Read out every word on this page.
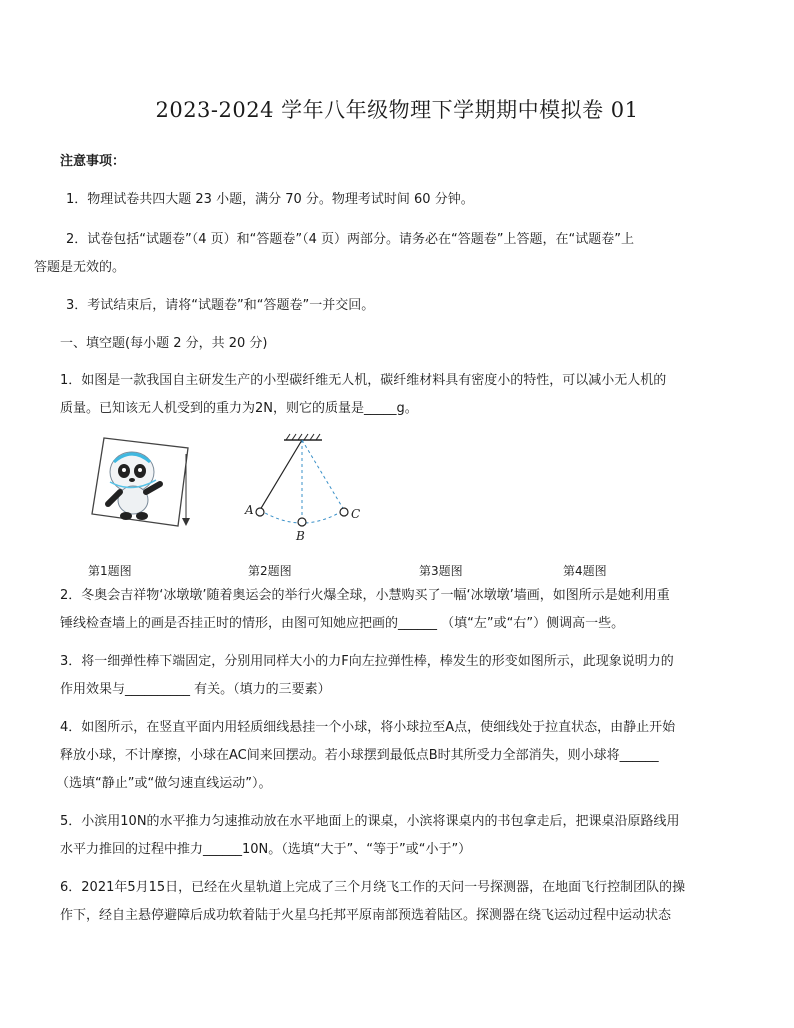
2023-2024 学年八年级物理下学期期中模拟卷 01
注意事项：
1．物理试卷共四大题 23 小题，满分 70 分。物理考试时间 60 分钟。
2．试卷包括“试题卷”（4 页）和“答题卷”（4 页）两部分。请务必在“答题卷”上答题，在“试题卷”上
答题是无效的。
3．考试结束后，请将“试题卷”和“答题卷”一并交回。
一、填空题(每小题 2 分，共 20 分)
1．如图是一款我国自主研发生产的小型碳纤维无人机，碳纤维材料具有密度小的特性，可以减小无人机的
质量。已知该无人机受到的重力为2N，则它的质量是_____g。
A
B
C
第1题图	第2题图	第3题图	第4题图
2．冬奥会吉祥物‘冰墩墩’随着奥运会的举行火爆全球，小慧购买了一幅‘冰墩墩’墙画，如图所示是她利用重
锤线检查墙上的画是否挂正时的情形，由图可知她应把画的______ （填“左”或“右”）侧调高一些。
3．将一细弹性棒下端固定，分别用同样大小的力F向左拉弹性棒，棒发生的形变如图所示，此现象说明力的
作用效果与__________ 有关。（填力的三要素）
4．如图所示，在竖直平面内用轻质细线悬挂一个小球，将小球拉至A点，使细线处于拉直状态，由静止开始
释放小球，不计摩擦，小球在AC间来回摆动。若小球摆到最低点B时其所受力全部消失，则小球将______
（选填“静止”或“做匀速直线运动”）。
5．小滨用10N的水平推力匀速推动放在水平地面上的课桌，小滨将课桌内的书包拿走后，把课桌沿原路线用
水平力推回的过程中推力______10N。（选填“大于”、“等于”或“小于”）
6．2021年5月15日，已经在火星轨道上完成了三个月绕飞工作的天问一号探测器，在地面飞行控制团队的操
作下，经自主悬停避障后成功软着陆于火星乌托邦平原南部预选着陆区。探测器在绕飞运动过程中运动状态
